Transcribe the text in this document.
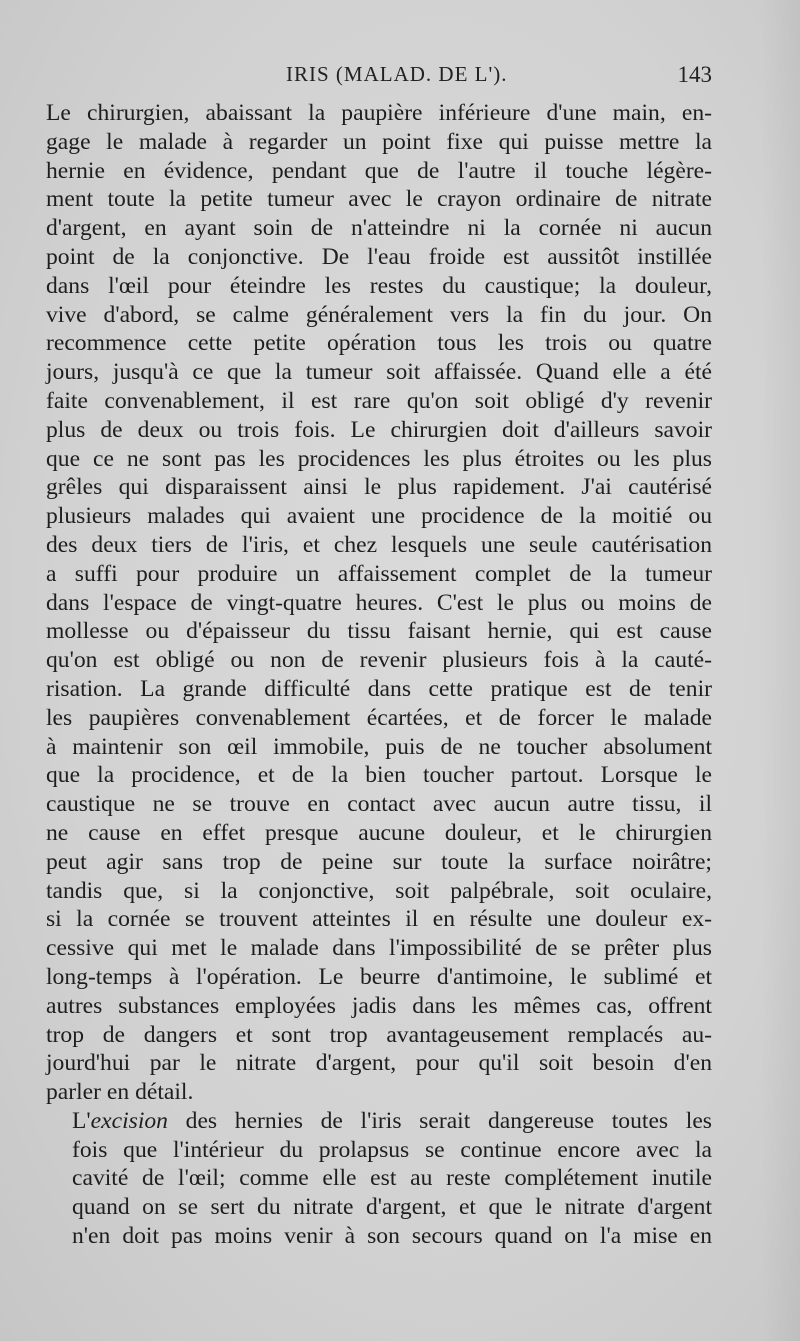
IRIS (MALAD. DE L').	143

Le chirurgien, abaissant la paupière inférieure d'une main, en-
gage le malade à regarder un point fixe qui puisse mettre la
hernie en évidence, pendant que de l'autre il touche légère-
ment toute la petite tumeur avec le crayon ordinaire de nitrate
d'argent, en ayant soin de n'atteindre ni la cornée ni aucun
point de la conjonctive. De l'eau froide est aussitôt instillée
dans l'œil pour éteindre les restes du caustique; la douleur,
vive d'abord, se calme généralement vers la fin du jour. On
recommence cette petite opération tous les trois ou quatre
jours, jusqu'à ce que la tumeur soit affaissée. Quand elle a été
faite convenablement, il est rare qu'on soit obligé d'y revenir
plus de deux ou trois fois. Le chirurgien doit d'ailleurs savoir
que ce ne sont pas les procidences les plus étroites ou les plus
grêles qui disparaissent ainsi le plus rapidement. J'ai cautérisé
plusieurs malades qui avaient une procidence de la moitié ou
des deux tiers de l'iris, et chez lesquels une seule cautérisation
a suffi pour produire un affaissement complet de la tumeur
dans l'espace de vingt-quatre heures. C'est le plus ou moins de
mollesse ou d'épaisseur du tissu faisant hernie, qui est cause
qu'on est obligé ou non de revenir plusieurs fois à la cauté-
risation. La grande difficulté dans cette pratique est de tenir
les paupières convenablement écartées, et de forcer le malade
à maintenir son œil immobile, puis de ne toucher absolument
que la procidence, et de la bien toucher partout. Lorsque le
caustique ne se trouve en contact avec aucun autre tissu, il
ne cause en effet presque aucune douleur, et le chirurgien
peut agir sans trop de peine sur toute la surface noirâtre;
tandis que, si la conjonctive, soit palpébrale, soit oculaire,
si la cornée se trouvent atteintes il en résulte une douleur ex-
cessive qui met le malade dans l'impossibilité de se prêter plus
long-temps à l'opération. Le beurre d'antimoine, le sublimé et
autres substances employées jadis dans les mêmes cas, offrent
trop de dangers et sont trop avantageusement remplacés au-
jourd'hui par le nitrate d'argent, pour qu'il soit besoin d'en
parler en détail.

L'excision des hernies de l'iris serait dangereuse toutes les
fois que l'intérieur du prolapsus se continue encore avec la
cavité de l'œil; comme elle est au reste complétement inutile
quand on se sert du nitrate d'argent, et que le nitrate d'argent
n'en doit pas moins venir à son secours quand on l'a mise en
